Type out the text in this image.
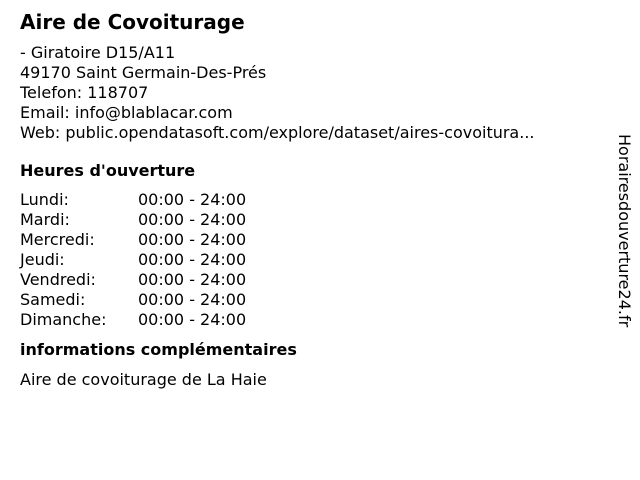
Aire de Covoiturage
- Giratoire D15/A11
49170 Saint Germain-Des-Prés
Telefon: 118707
Email: info@blablacar.com
Web: public.opendatasoft.com/explore/dataset/aires-covoitura...
Heures d'ouverture
Lundi:	00:00 - 24:00
Mardi:	00:00 - 24:00
Mercredi:	00:00 - 24:00
Jeudi:	00:00 - 24:00
Vendredi:	00:00 - 24:00
Samedi:	00:00 - 24:00
Dimanche:	00:00 - 24:00
informations complémentaires
Aire de covoiturage de La Haie
Horairesdouverture24.fr
